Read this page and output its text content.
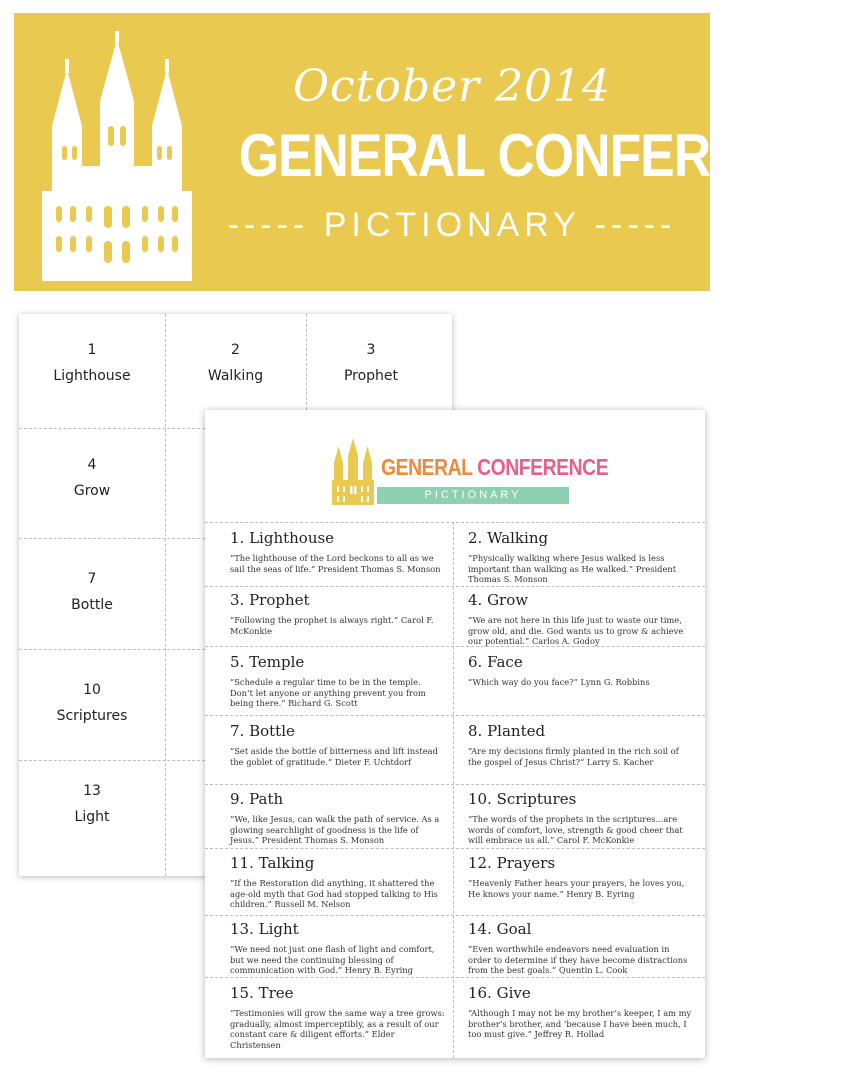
October 2014
GENERAL CONFERENCE
----- PICTIONARY -----
1
Lighthouse
2
Walking
3
Prophet
4
Grow
7
Bottle
10
Scriptures
13
Light
GENERAL CONFERENCE
PICTIONARY
1. Lighthouse
“The lighthouse of the Lord beckons to all as we sail the seas of life.” President Thomas S. Monson
2. Walking
“Physically walking where Jesus walked is less important than walking as He walked.” President Thomas S. Monson
3. Prophet
“Following the prophet is always right.” Carol F. McKonkie
4. Grow
“We are not here in this life just to waste our time, grow old, and die. God wants us to grow & achieve our potential.” Carlos A. Godoy
5. Temple
“Schedule a regular time to be in the temple. Don’t let anyone or anything prevent you from being there.” Richard G. Scott
6. Face
“Which way do you face?” Lynn G. Robbins
7. Bottle
“Set aside the bottle of bitterness and lift instead the goblet of gratitude.” Dieter F. Uchtdorf
8. Planted
“Are my decisions firmly planted in the rich soil of the gospel of Jesus Christ?” Larry S. Kacher
9. Path
“We, like Jesus, can walk the path of service. As a glowing searchlight of goodness is the life of Jesus.” President Thomas S. Monson
10. Scriptures
“The words of the prophets in the scriptures...are words of comfort, love, strength & good cheer that will embrace us all.” Carol F. McKonkie
11. Talking
“If the Restoration did anything, it shattered the age-old myth that God had stopped talking to His children.” Russell M. Nelson
12. Prayers
“Heavenly Father hears your prayers, he loves you, He knows your name.” Henry B. Eyring
13. Light
“We need not just one flash of light and comfort, but we need the continuing blessing of communication with God.” Henry B. Eyring
14. Goal
“Even worthwhile endeavors need evaluation in order to determine if they have become distractions from the best goals.” Quentin L. Cook
15. Tree
“Testimonies will grow the same way a tree grows: gradually, almost imperceptibly, as a result of our constant care & diligent efforts.” Elder Christensen
16. Give
“Although I may not be my brother’s keeper, I am my brother’s brother, and ‘because I have been much, I too must give.” Jeffrey R. Hollad
